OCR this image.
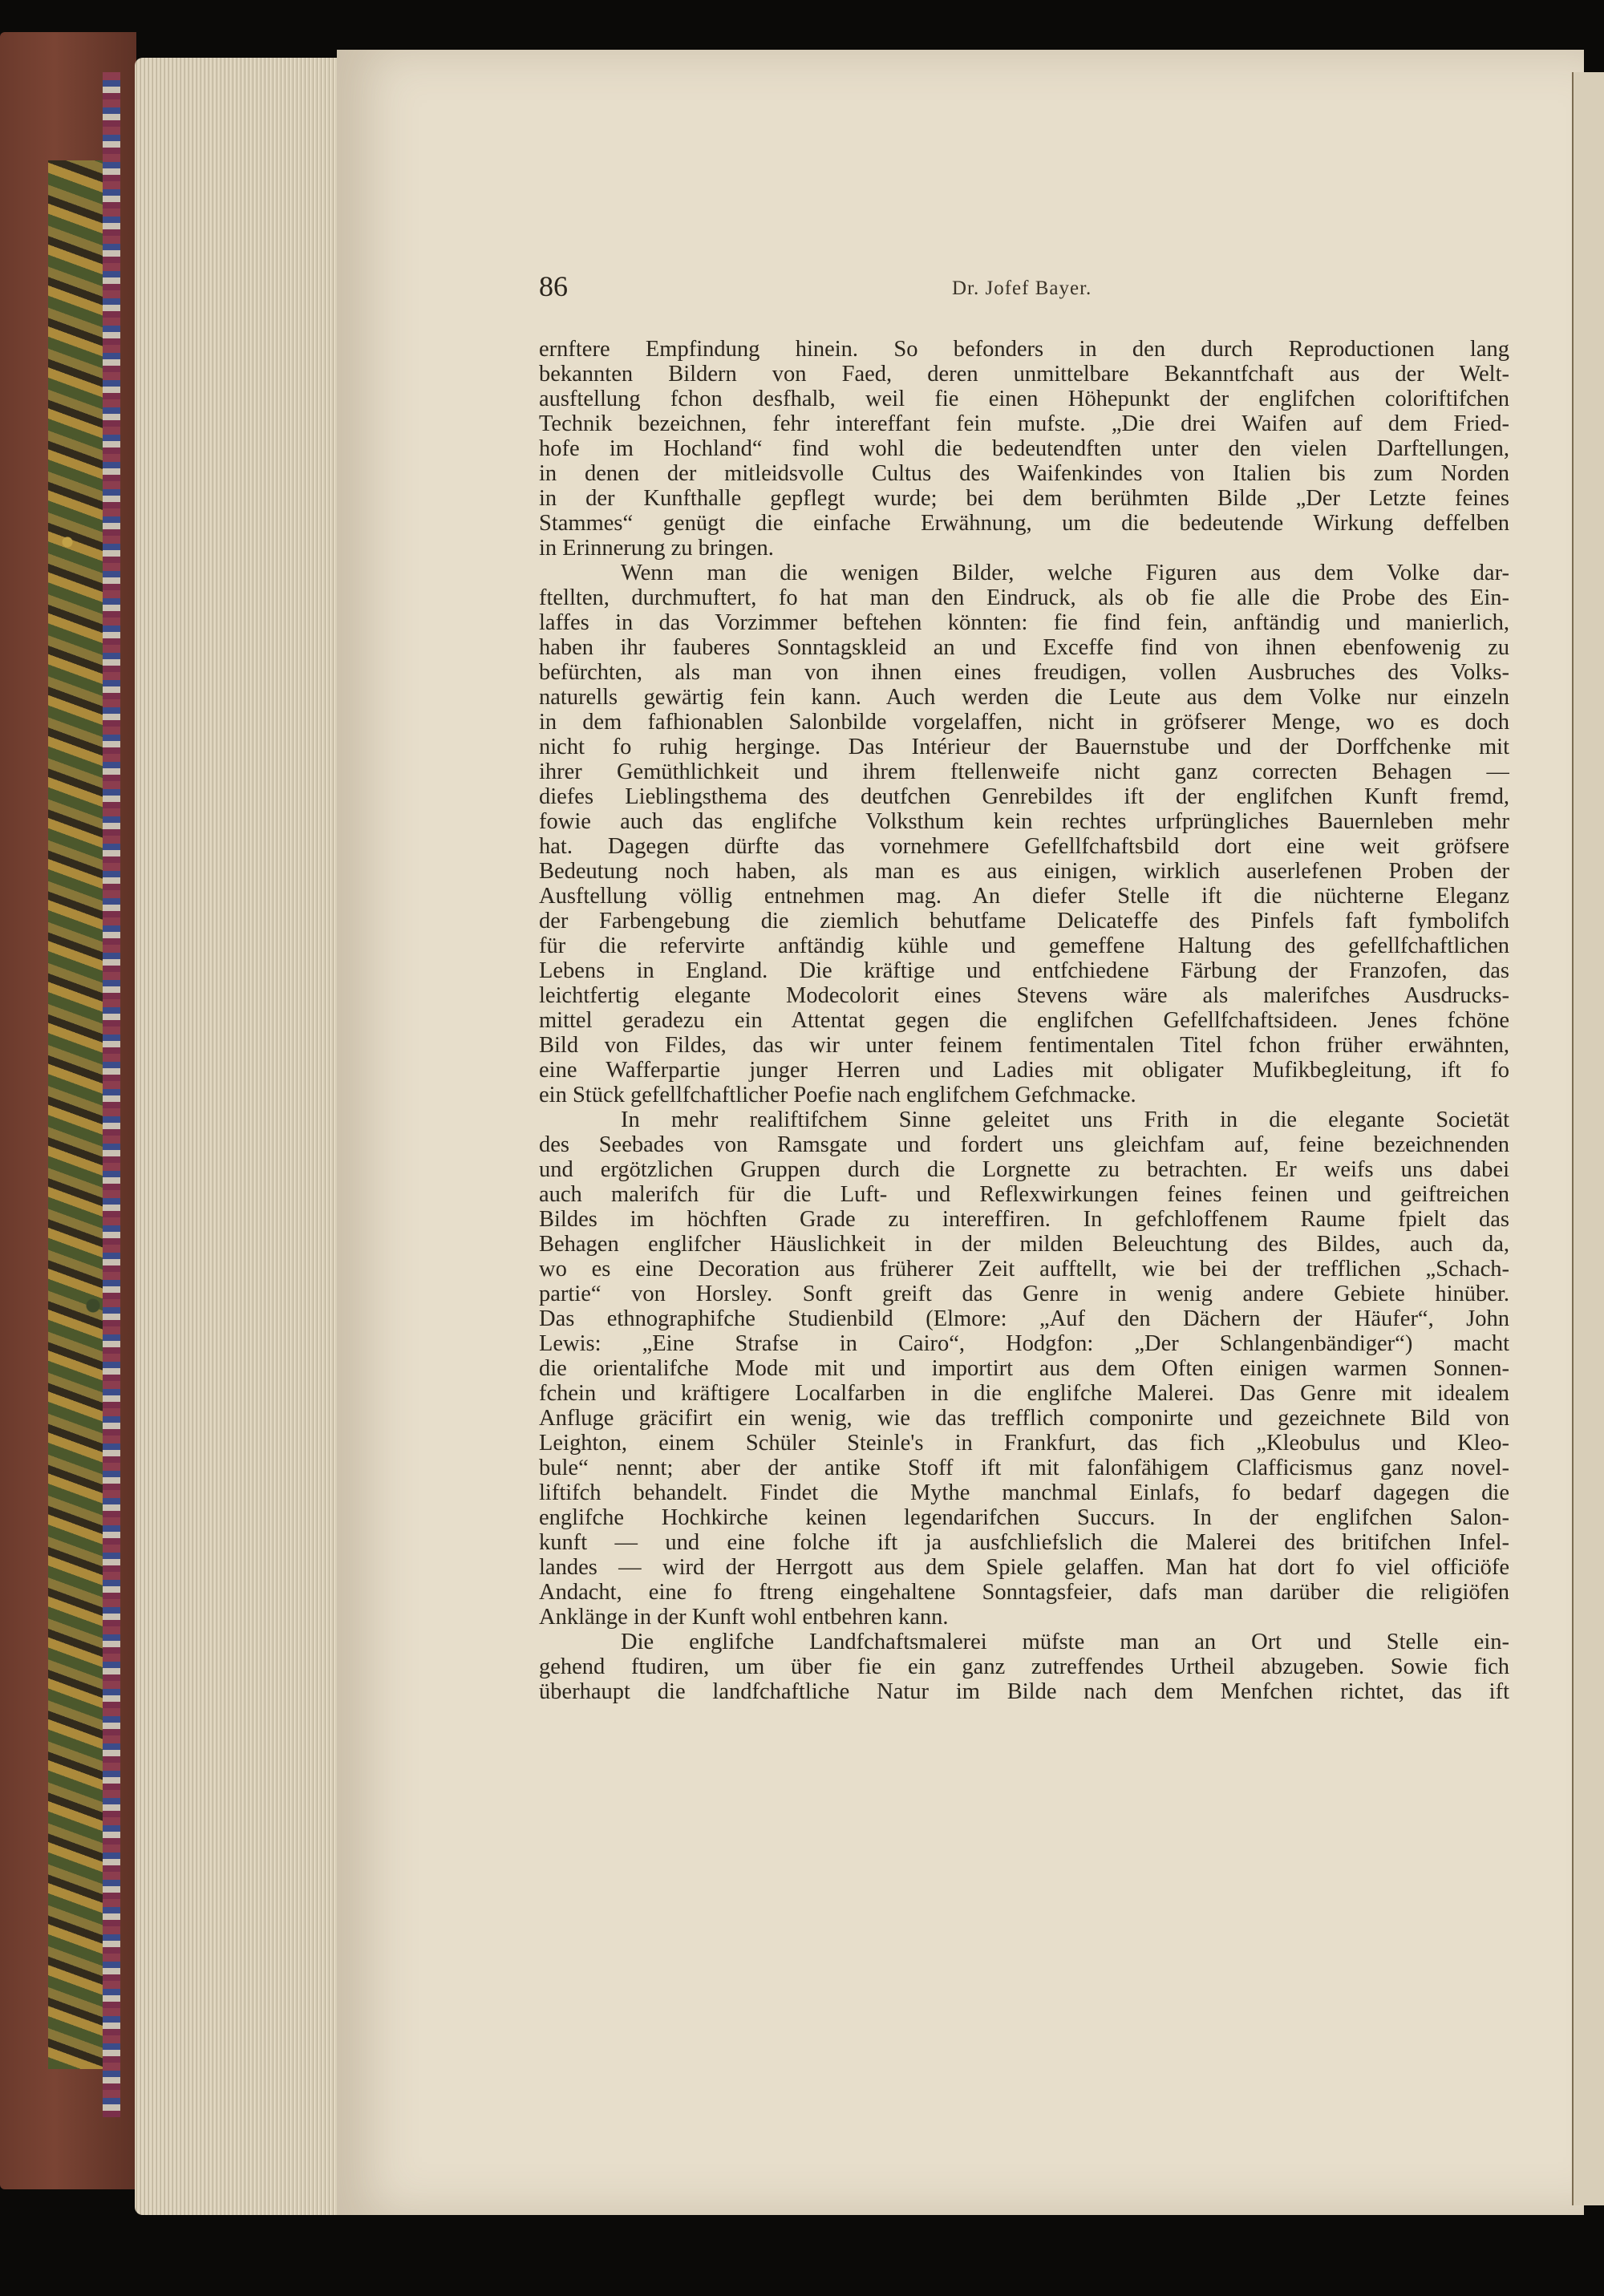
86	Dr. Jofef Bayer.
ernftere Empfindung hinein. So befonders in den durch Reproductionen lang
bekannten Bildern von Faed, deren unmittelbare Bekanntfchaft aus der Welt-
ausftellung fchon desfhalb, weil fie einen Höhepunkt der englifchen coloriftifchen
Technik bezeichnen, fehr intereffant fein mufste. „Die drei Waifen auf dem Fried-
hofe im Hochland“ find wohl die bedeutendften unter den vielen Darftellungen,
in denen der mitleidsvolle Cultus des Waifenkindes von Italien bis zum Norden
in der Kunfthalle gepflegt wurde; bei dem berühmten Bilde „Der Letzte feines
Stammes“ genügt die einfache Erwähnung, um die bedeutende Wirkung deffelben
in Erinnerung zu bringen.
Wenn man die wenigen Bilder, welche Figuren aus dem Volke dar-
ftellten, durchmuftert, fo hat man den Eindruck, als ob fie alle die Probe des Ein-
laffes in das Vorzimmer beftehen könnten: fie find fein, anftändig und manierlich,
haben ihr fauberes Sonntagskleid an und Exceffe find von ihnen ebenfowenig zu
befürchten, als man von ihnen eines freudigen, vollen Ausbruches des Volks-
naturells gewärtig fein kann. Auch werden die Leute aus dem Volke nur einzeln
in dem fafhionablen Salonbilde vorgelaffen, nicht in gröfserer Menge, wo es doch
nicht fo ruhig herginge. Das Intérieur der Bauernstube und der Dorffchenke mit
ihrer Gemüthlichkeit und ihrem ftellenweife nicht ganz correcten Behagen —
diefes Lieblingsthema des deutfchen Genrebildes ift der englifchen Kunft fremd,
fowie auch das englifche Volksthum kein rechtes urfprüngliches Bauernleben mehr
hat. Dagegen dürfte das vornehmere Gefellfchaftsbild dort eine weit gröfsere
Bedeutung noch haben, als man es aus einigen, wirklich auserlefenen Proben der
Ausftellung völlig entnehmen mag. An diefer Stelle ift die nüchterne Eleganz
der Farbengebung die ziemlich behutfame Delicateffe des Pinfels faft fymbolifch
für die refervirte anftändig kühle und gemeffene Haltung des gefellfchaftlichen
Lebens in England. Die kräftige und entfchiedene Färbung der Franzofen, das
leichtfertig elegante Modecolorit eines Stevens wäre als malerifches Ausdrucks-
mittel geradezu ein Attentat gegen die englifchen Gefellfchaftsideen. Jenes fchöne
Bild von Fildes, das wir unter feinem fentimentalen Titel fchon früher erwähnten,
eine Wafferpartie junger Herren und Ladies mit obligater Mufikbegleitung, ift fo
ein Stück gefellfchaftlicher Poefie nach englifchem Gefchmacke.
In mehr realiftifchem Sinne geleitet uns Frith in die elegante Societät
des Seebades von Ramsgate und fordert uns gleichfam auf, feine bezeichnenden
und ergötzlichen Gruppen durch die Lorgnette zu betrachten. Er weifs uns dabei
auch malerifch für die Luft- und Reflexwirkungen feines feinen und geiftreichen
Bildes im höchften Grade zu intereffiren. In gefchloffenem Raume fpielt das
Behagen englifcher Häuslichkeit in der milden Beleuchtung des Bildes, auch da,
wo es eine Decoration aus früherer Zeit aufftellt, wie bei der trefflichen „Schach-
partie“ von Horsley. Sonft greift das Genre in wenig andere Gebiete hinüber.
Das ethnographifche Studienbild (Elmore: „Auf den Dächern der Häufer“, John
Lewis: „Eine Strafse in Cairo“, Hodgfon: „Der Schlangenbändiger“) macht
die orientalifche Mode mit und importirt aus dem Often einigen warmen Sonnen-
fchein und kräftigere Localfarben in die englifche Malerei. Das Genre mit idealem
Anfluge gräcifirt ein wenig, wie das trefflich componirte und gezeichnete Bild von
Leighton, einem Schüler Steinle's in Frankfurt, das fich „Kleobulus und Kleo-
bule“ nennt; aber der antike Stoff ift mit falonfähigem Clafficismus ganz novel-
liftifch behandelt. Findet die Mythe manchmal Einlafs, fo bedarf dagegen die
englifche Hochkirche keinen legendarifchen Succurs. In der englifchen Salon-
kunft — und eine folche ift ja ausfchliefslich die Malerei des britifchen Infel-
landes — wird der Herrgott aus dem Spiele gelaffen. Man hat dort fo viel officiöfe
Andacht, eine fo ftreng eingehaltene Sonntagsfeier, dafs man darüber die religiöfen
Anklänge in der Kunft wohl entbehren kann.
Die englifche Landfchaftsmalerei müfste man an Ort und Stelle ein-
gehend ftudiren, um über fie ein ganz zutreffendes Urtheil abzugeben. Sowie fich
überhaupt die landfchaftliche Natur im Bilde nach dem Menfchen richtet, das ift
